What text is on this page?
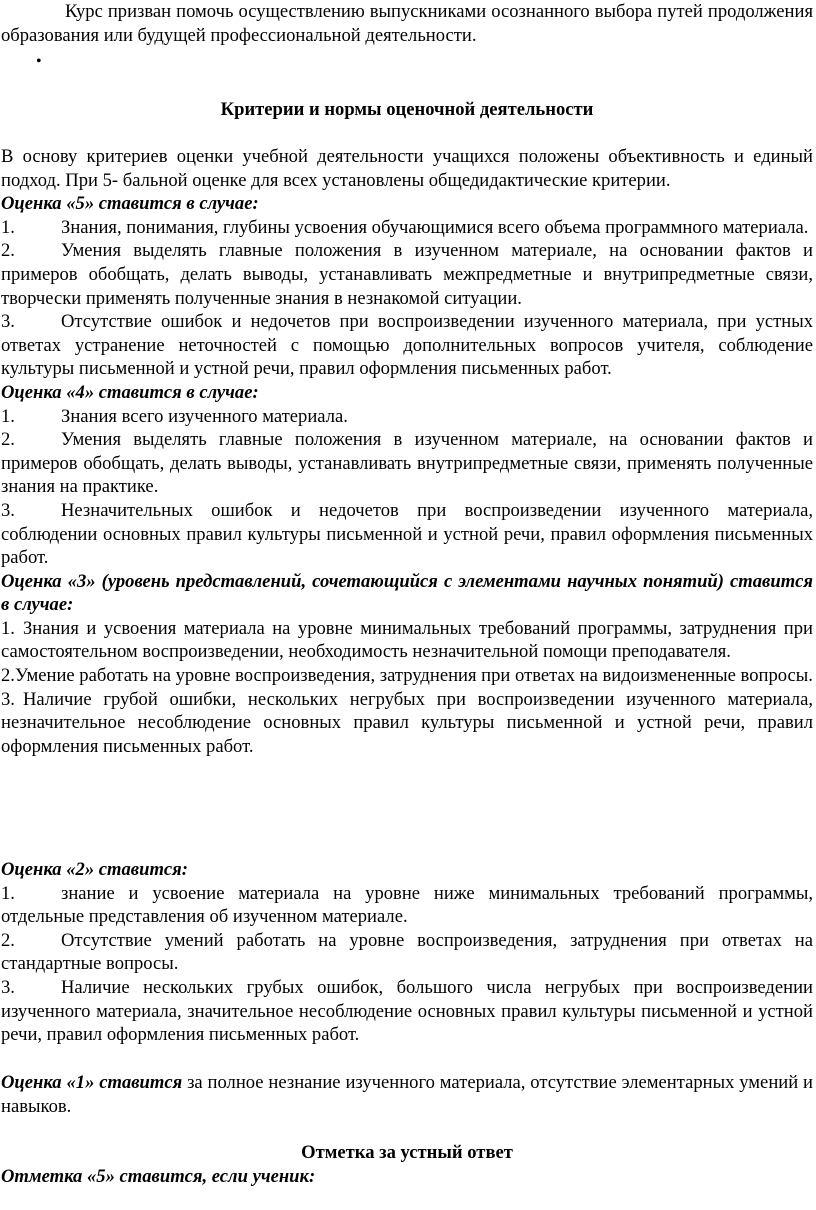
Курс призван помочь осуществлению выпускниками осознанного выбора путей продолжения образования или будущей профессиональной деятельности.

•
Критерии и нормы оценочной деятельности

В основу критериев оценки учебной деятельности учащихся положены объективность и единый подход. При 5- бальной оценке для всех установлены общедидактические критерии.

Оценка «5» ставится в случае:

1. Знания, понимания, глубины усвоения обучающимися всего объема программного материала.

2. Умения выделять главные положения в изученном материале, на основании фактов и примеров обобщать, делать выводы, устанавливать межпредметные и внутрипредметные связи, творчески применять полученные знания в незнакомой ситуации.

3. Отсутствие ошибок и недочетов при воспроизведении изученного материала, при устных ответах устранение неточностей с помощью дополнительных вопросов учителя, соблюдение культуры письменной и устной речи, правил оформления письменных работ.

Оценка «4» ставится в случае:

1. Знания всего изученного материала.

2. Умения выделять главные положения в изученном материале, на основании фактов и примеров обобщать, делать выводы, устанавливать внутрипредметные связи, применять полученные знания на практике.

3. Незначительных ошибок и недочетов при воспроизведении изученного материала, соблюдении основных правил культуры письменной и устной речи, правил оформления письменных работ.

Оценка «3» (уровень представлений, сочетающийся с элементами научных понятий) ставится в случае:

1. Знания и усвоения материала на уровне минимальных требований программы, затруднения при самостоятельном воспроизведении, необходимость незначительной помощи преподавателя.

2.Умение работать на уровне воспроизведения, затруднения при ответах на видоизмененные вопросы.

3. Наличие грубой ошибки, нескольких негрубых при воспроизведении изученного материала, незначительное несоблюдение основных правил культуры письменной и устной речи, правил оформления письменных работ.

Оценка «2» ставится:

1. знание и усвоение материала на уровне ниже минимальных требований программы, отдельные представления об изученном материале.

2. Отсутствие умений работать на уровне воспроизведения, затруднения при ответах на стандартные вопросы.

3. Наличие нескольких грубых ошибок, большого числа негрубых при воспроизведении изученного материала, значительное несоблюдение основных правил культуры письменной и устной речи, правил оформления письменных работ.

Оценка «1» ставится за полное незнание изученного материала, отсутствие элементарных умений и навыков.

Отметка за устный ответ

Отметка «5» ставится, если ученик:
